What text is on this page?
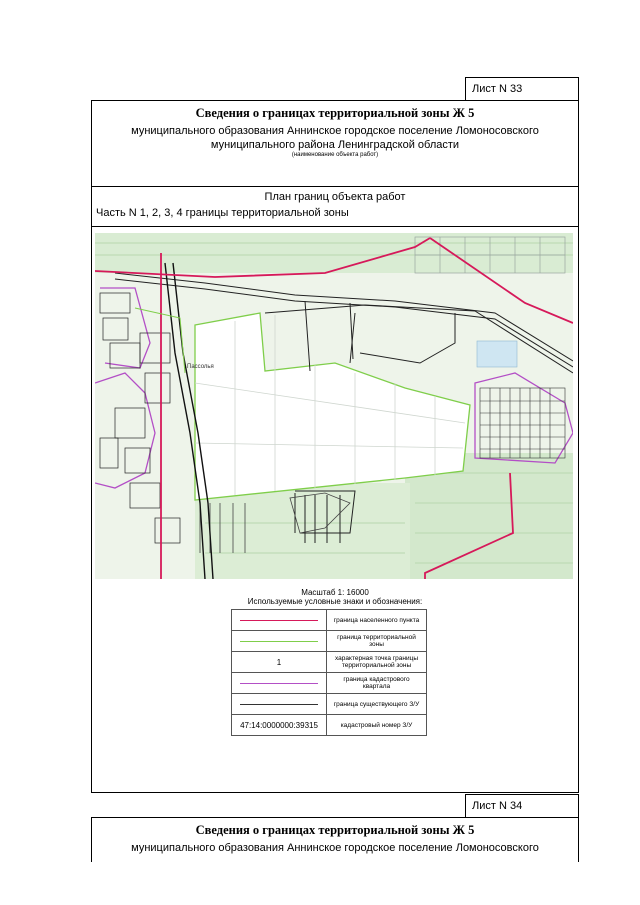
Лист N 33
Сведения о границах территориальной зоны Ж 5
муниципального образования Аннинское городское поселение Ломоносовского
муниципального района Ленинградской области
(наименование объекта работ)
План границ объекта работ
Часть N 1, 2, 3, 4 границы территориальной зоны
Пассолья
Масштаб 1: 16000
Используемые условные знаки и обозначения:
	граница населенного пункта

	граница территориальной зоны
1	характерная точка границы территориальной зоны

	граница кадастрового квартала

	граница существующего З/У
47:14:0000000:39315	кадастровый номер З/У
Лист N 34
Сведения о границах территориальной зоны Ж 5
муниципального образования Аннинское городское поселение Ломоносовского
